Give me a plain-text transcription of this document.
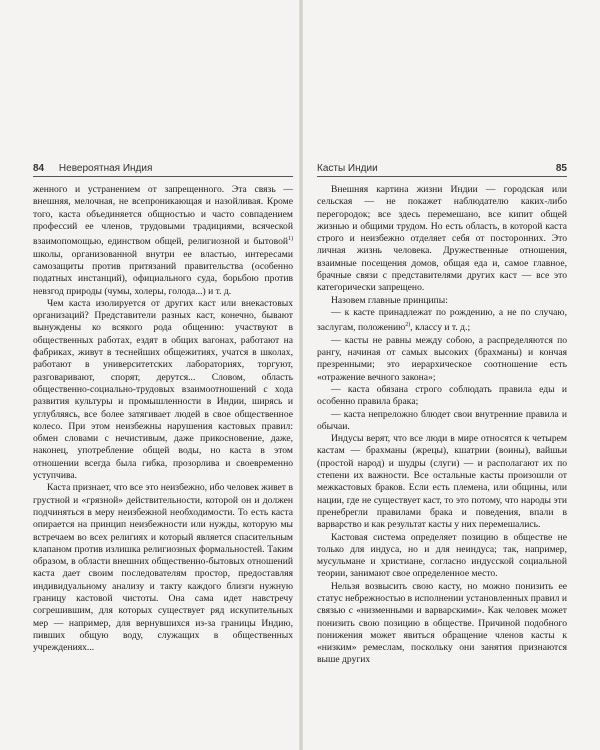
84 Невероятная Индия

женного и устранением от запрещенного. Эта связь — внешняя, мелочная, не всепроникающая и назойливая. Кроме того, каста объединяется общностью и часто совпадением профессий ее членов, трудовыми традициями, всячеcкой взаимопомощью, единством общей, религиозной и бытовой$^{1)}$ школы, организованной внутри ее властью, интересами самозащиты против притязаний правительства (особенно податных инстанций), официального суда, борьбою против невзгод природы (чумы, холеры, голода...) и т. д.

Чем каста изолируется от других каст или внекастовых организаций? Представители разных каст, конечно, бывают вынуждены ко всякого рода общению: участвуют в общественных работах, ездят в общих вагонах, работают на фабриках, живут в теснейших общежитиях, учатся в школах, работают в университетских лабораториях, торгуют, разговаривают, спорят, дерутся... Словом, область общественно-социально-трудовых взаимоотношений с хода развития культуры и промышленности в Индии, ширясь и углубляясь, все более затягивает людей в свое общественное колесо. При этом неизбежны нарушения кастовых правил: обмен словами с нечистивым, даже прикосновение, даже, наконец, употребление общей воды, но каста в этом отношении всегда была гибка, прозорлива и своевременно уступчива.

Каста признает, что все это неизбежно, ибо человек живет в грустной и «грязной» действительности, которой он и должен подчиняться в меру неизбежной необходимости. То есть каста опирается на принцип неизбежности или нужды, которую мы встречаем во всех религиях и который является спасительным клапаном против излишка религиозных формальностей. Таким образом, в области внешних общественно-бытовых отношений каста дает своим последователям простор, предоставляя индивидуальному анализу и такту каждого близги нужную границу кастовой чистоты. Она сама идет навстречу согрешившим, для которых существует ряд искупительных мер — например, для вернувшихся из-за границы Индию, пивших общую воду, служащих в общественных учреждениях...

Касты Индии	85

Внешняя картина жизни Индии — городская или сельская — не покажет наблюдателю каких-либо перегородок; все здесь перемешано, все кипит общей жизнью и общими трудом. Но есть область, в которой каста строго и неизбежно отделяет себя от посторонних. Это личная жизнь человека. Дружественные отношения, взаимные посещения домов, общая еда и, самое главное, брачные связи с представителями других каст — все это категорически запрещено.

Назовем главные принципы:

— к касте принадлежат по рождению, а не по случаю, заслугам, положению$^{2)}$, классу и т. д.;

— касты не равны между собою, а распределяются по рангу, начиная от самых высоких (брахманы) и кончая презренными; это иерархическое соотношение есть «отражение вечного закона»;

— каста обязана строго соблюдать правила еды и особенно правила брака;

— каста непреложно блюдет свои внутренние правила и обычаи.

Индусы верят, что все люди в мире относятся к четырем кастам — брахманы (жрецы), кшатрии (воины), вайшьи (простой народ) и шудры (слуги) — и располагают их по степени их важности. Все остальные касты произошли от межкастовых браков. Если есть племена, или общины, или нации, где не существует каст, то это потому, что народы эти пренебрегли правилами брака и поведения, впали в варварство и как результат касты у них перемешались.

Кастовая система определяет позицию в обществе не только для индуса, но и для неиндуса; так, например, мусульмане и христиане, согласно индусской социальной теории, занимают свое определенное место.

Нельзя возвысить свою касту, но можно понизить ее статус небрежностью в исполнении установленных правил и связью с «низменными и варварскими». Как человек может понизить свою позицию в обществе. Причиной подобного понижения может явиться обращение членов касты к «низким» ремеслам, поскольку они занятия признаются выше других
